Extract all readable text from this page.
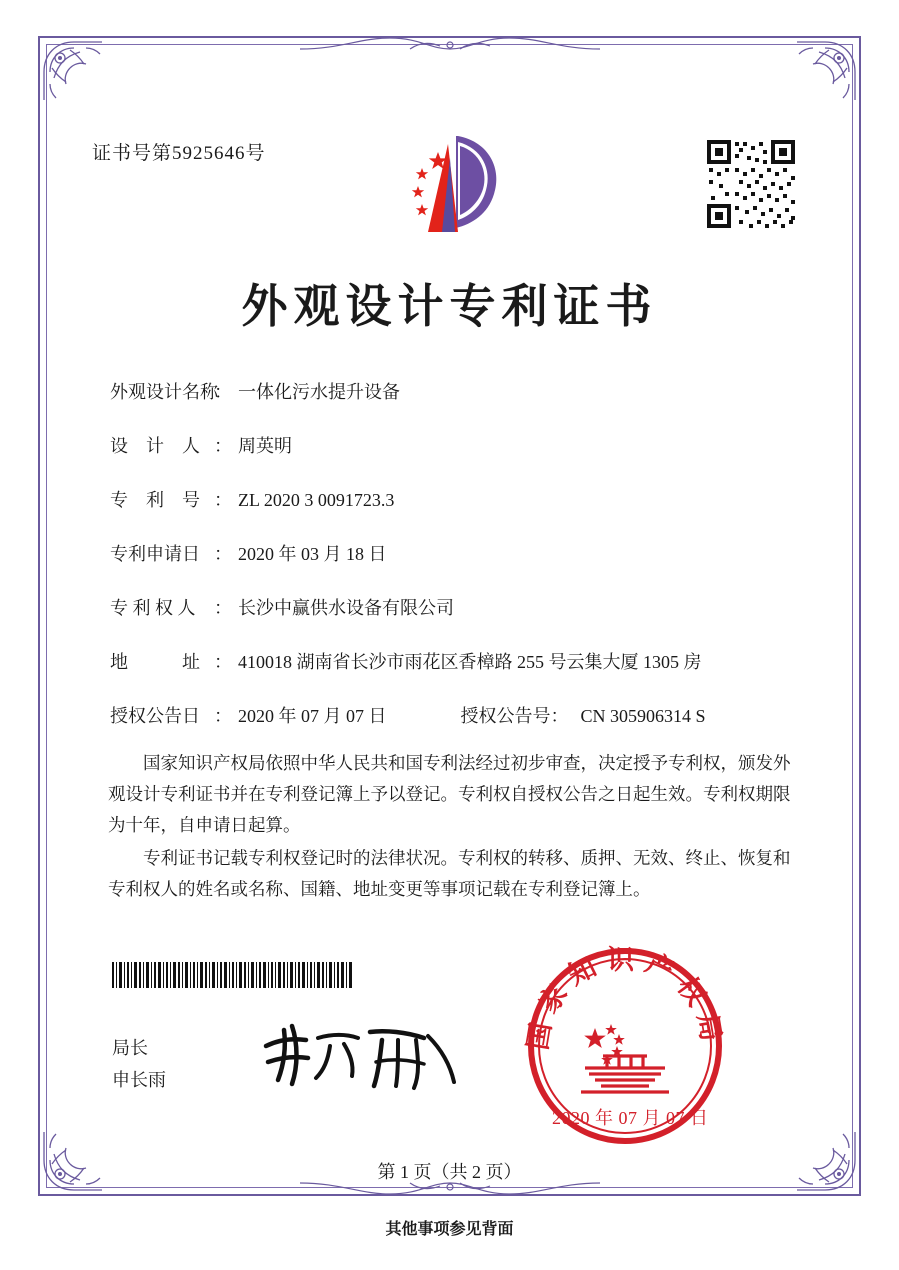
证书号第5925646号
外观设计专利证书
外观设计名称
： 一体化污水提升设备
设　计　人 ： 周英明
专　利　号 ： ZL 2020 3 0091723.3
专利申请日 ： 2020 年 03 月 18 日
专 利 权 人	： 长沙中赢供水设备有限公司
地　　　址 ： 410018 湖南省长沙市雨花区香樟路 255 号云集大厦 1305 房
授权公告日 ： 2020 年 07 月 07 日	授权公告号 ： CN 305906314 S

国家知识产权局依照中华人民共和国专利法经过初步审查，决定授予专利权，颁发外观设计专利证书并在专利登记簿上予以登记。专利权自授权公告之日起生效。专利权期限为十年，自申请日起算。

专利证书记载专利权登记时的法律状况。专利权的转移、质押、无效、终止、恢复和专利权人的姓名或名称、国籍、地址变更等事项记载在专利登记簿上。

局长
申长雨
国家知识产权局
2020 年 07 月 07 日
第 1 页（共 2 页）
其他事项参见背面
